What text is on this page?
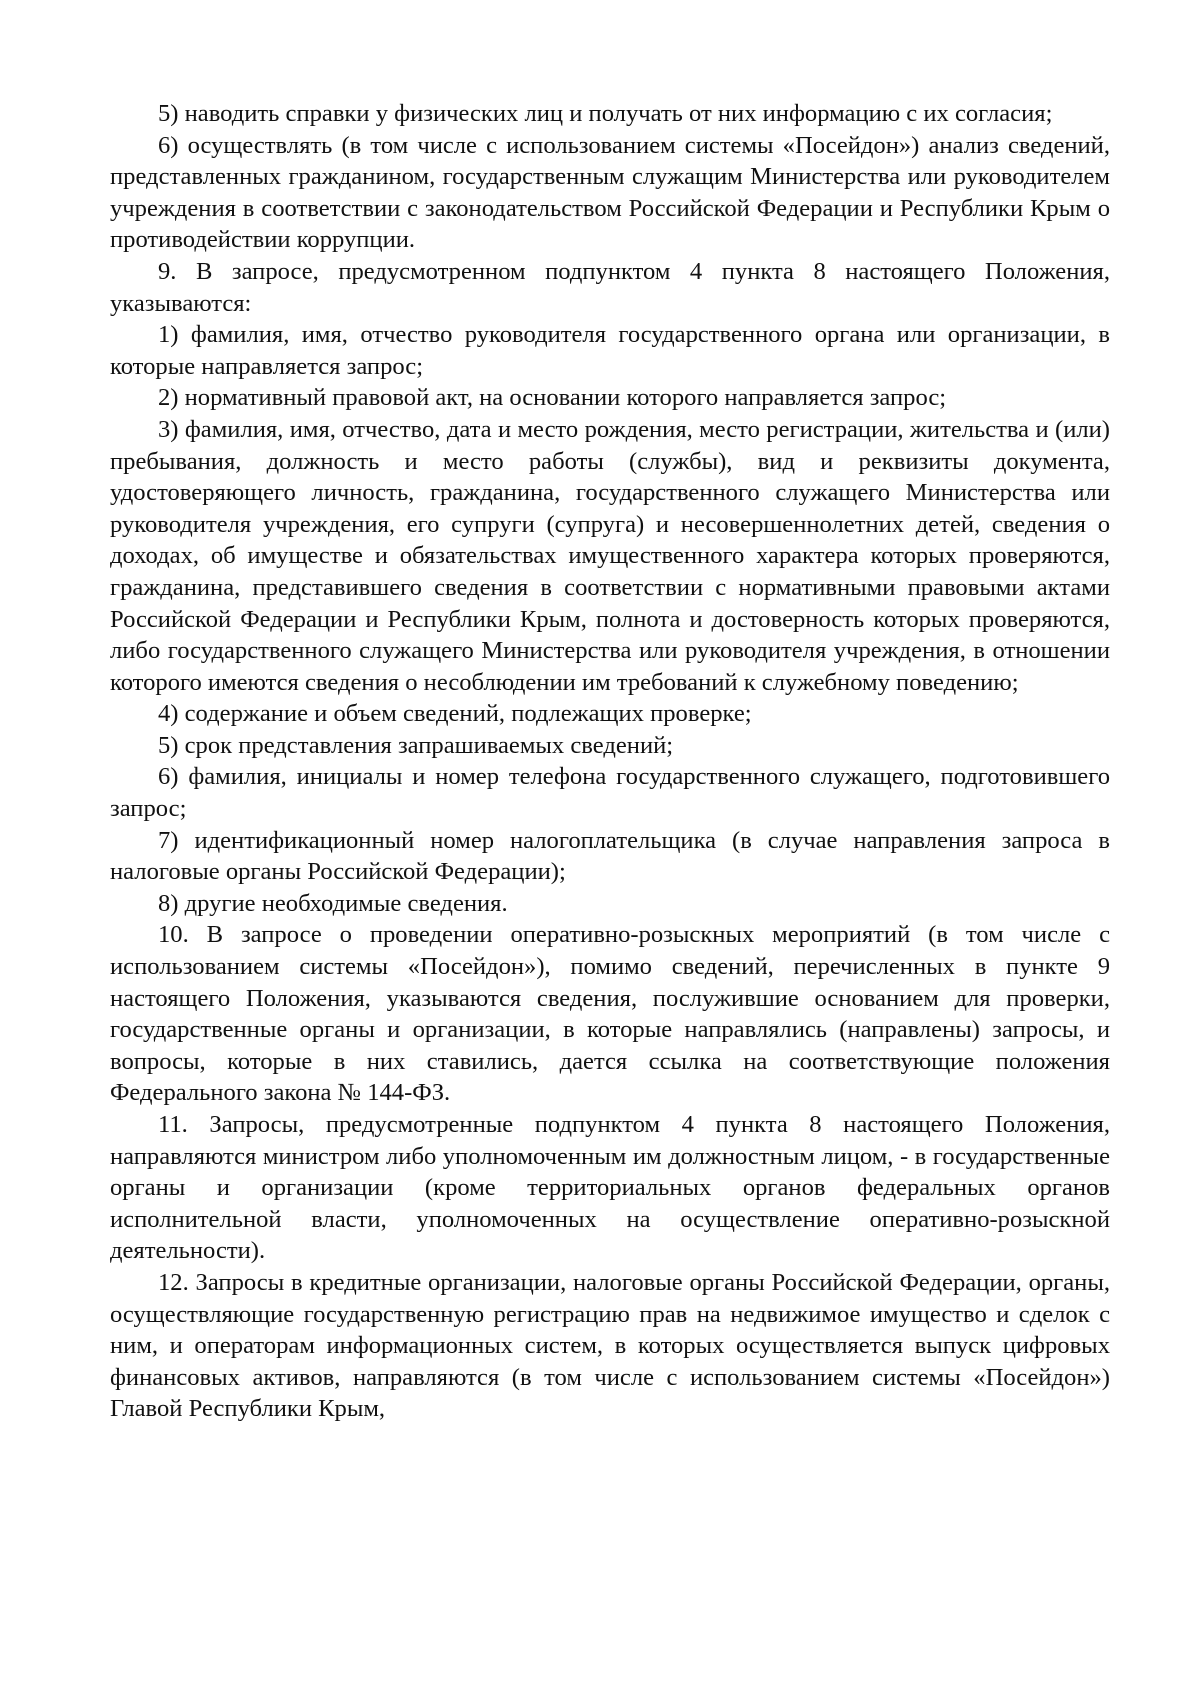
5) наводить справки у физических лиц и получать от них информацию с их согласия;

6) осуществлять (в том числе с использованием системы «Посейдон») анализ сведений, представленных гражданином, государственным служащим Министерства или руководителем учреждения в соответствии с законодательством Российской Федерации и Республики Крым о противодействии коррупции.

9. В запросе, предусмотренном подпунктом 4 пункта 8 настоящего Положения, указываются:

1) фамилия, имя, отчество руководителя государственного органа или организации, в которые направляется запрос;

2) нормативный правовой акт, на основании которого направляется запрос;

3) фамилия, имя, отчество, дата и место рождения, место регистрации, жительства и (или) пребывания, должность и место работы (службы), вид и реквизиты документа, удостоверяющего личность, гражданина, государственного служащего Министерства или руководителя учреждения, его супруги (супруга) и несовершеннолетних детей, сведения о доходах, об имуществе и обязательствах имущественного характера которых проверяются, гражданина, представившего сведения в соответствии с нормативными правовыми актами Российской Федерации и Республики Крым, полнота и достоверность которых проверяются, либо государственного служащего Министерства или руководителя учреждения, в отношении которого имеются сведения о несоблюдении им требований к служебному поведению;

4) содержание и объем сведений, подлежащих проверке;

5) срок представления запрашиваемых сведений;

6) фамилия, инициалы и номер телефона государственного служащего, подготовившего запрос;

7) идентификационный номер налогоплательщика (в случае направления запроса в налоговые органы Российской Федерации);

8) другие необходимые сведения.

10. В запросе о проведении оперативно-розыскных мероприятий (в том числе с использованием системы «Посейдон»), помимо сведений, перечисленных в пункте 9 настоящего Положения, указываются сведения, послужившие основанием для проверки, государственные органы и организации, в которые направлялись (направлены) запросы, и вопросы, которые в них ставились, дается ссылка на соответствующие положения Федерального закона № 144-ФЗ.

11. Запросы, предусмотренные подпунктом 4 пункта 8 настоящего Положения, направляются министром либо уполномоченным им должностным лицом, - в государственные органы и организации (кроме территориальных органов федеральных органов исполнительной власти, уполномоченных на осуществление оперативно-розыскной деятельности).

12. Запросы в кредитные организации, налоговые органы Российской Федерации, органы, осуществляющие государственную регистрацию прав на недвижимое имущество и сделок с ним, и операторам информационных систем, в которых осуществляется выпуск цифровых финансовых активов, направляются (в том числе с использованием системы «Посейдон») Главой Республики Крым,
